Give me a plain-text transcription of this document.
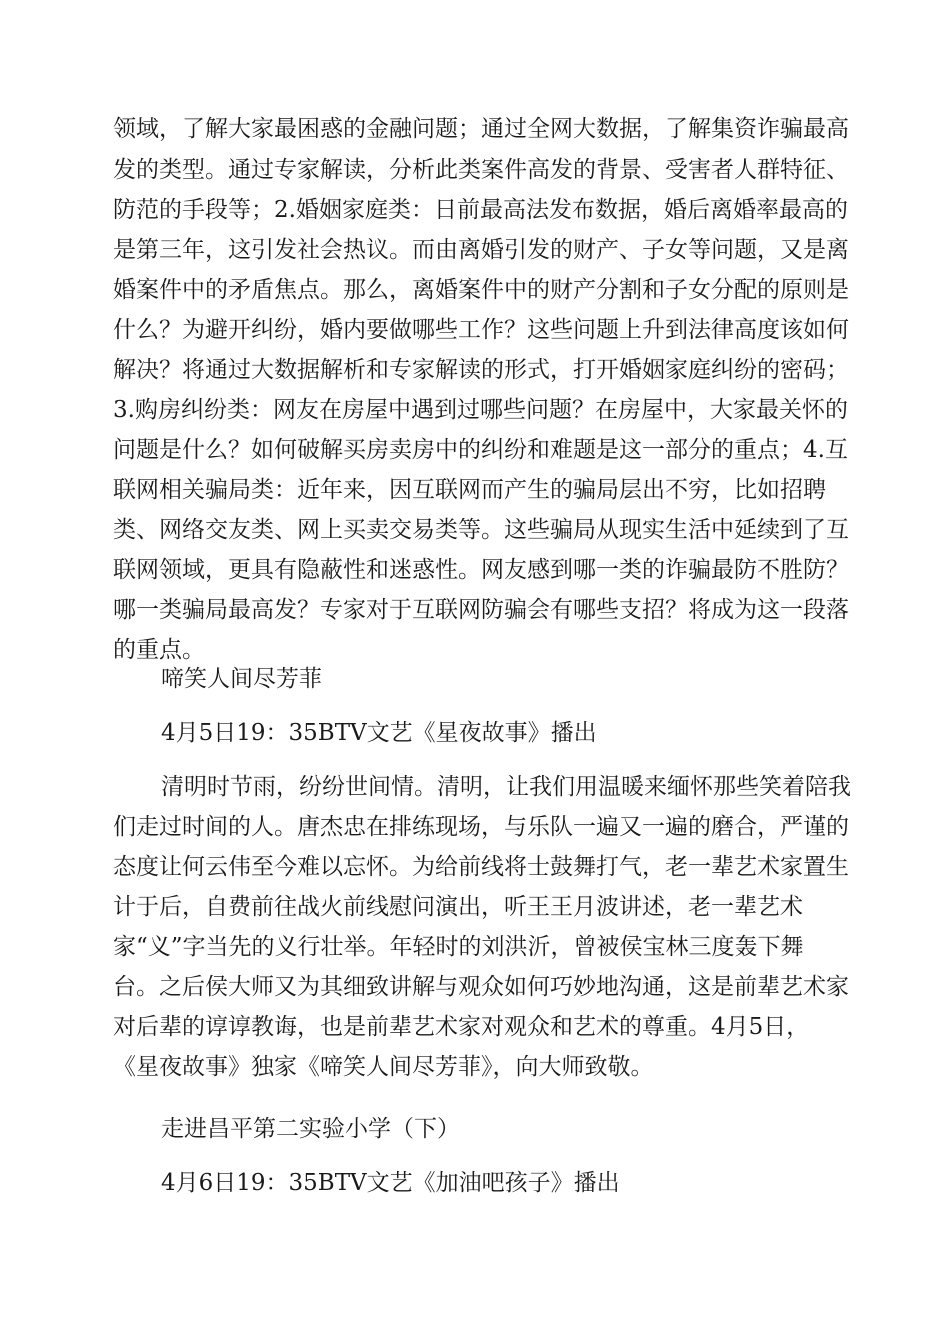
领域，了解大家最困惑的金融问题；通过全网大数据，了解集资诈骗最高
发的类型。通过专家解读，分析此类案件高发的背景、受害者人群特征、
防范的手段等；2.婚姻家庭类：日前最高法发布数据，婚后离婚率最高的
是第三年，这引发社会热议。而由离婚引发的财产、子女等问题，又是离
婚案件中的矛盾焦点。那么，离婚案件中的财产分割和子女分配的原则是
什么？为避开纠纷，婚内要做哪些工作？这些问题上升到法律高度该如何
解决？将通过大数据解析和专家解读的形式，打开婚姻家庭纠纷的密码；
3.购房纠纷类：网友在房屋中遇到过哪些问题？在房屋中，大家最关怀的
问题是什么？如何破解买房卖房中的纠纷和难题是这一部分的重点；4.互
联网相关骗局类：近年来，因互联网而产生的骗局层出不穷，比如招聘
类、网络交友类、网上买卖交易类等。这些骗局从现实生活中延续到了互
联网领域，更具有隐蔽性和迷惑性。网友感到哪一类的诈骗最防不胜防？
哪一类骗局最高发？专家对于互联网防骗会有哪些支招？将成为这一段落
的重点。
啼笑人间尽芳菲
4月5日19：35BTV文艺《星夜故事》播出
清明时节雨，纷纷世间情。清明，让我们用温暖来缅怀那些笑着陪我
们走过时间的人。唐杰忠在排练现场，与乐队一遍又一遍的磨合，严谨的
态度让何云伟至今难以忘怀。为给前线将士鼓舞打气，老一辈艺术家置生
计于后，自费前往战火前线慰问演出，听王王月波讲述，老一辈艺术
家“义”字当先的义行壮举。年轻时的刘洪沂，曾被侯宝林三度轰下舞
台。之后侯大师又为其细致讲解与观众如何巧妙地沟通，这是前辈艺术家
对后辈的谆谆教诲，也是前辈艺术家对观众和艺术的尊重。4月5日，
《星夜故事》独家《啼笑人间尽芳菲》，向大师致敬。
走进昌平第二实验小学（下）
4月6日19：35BTV文艺《加油吧孩子》播出
